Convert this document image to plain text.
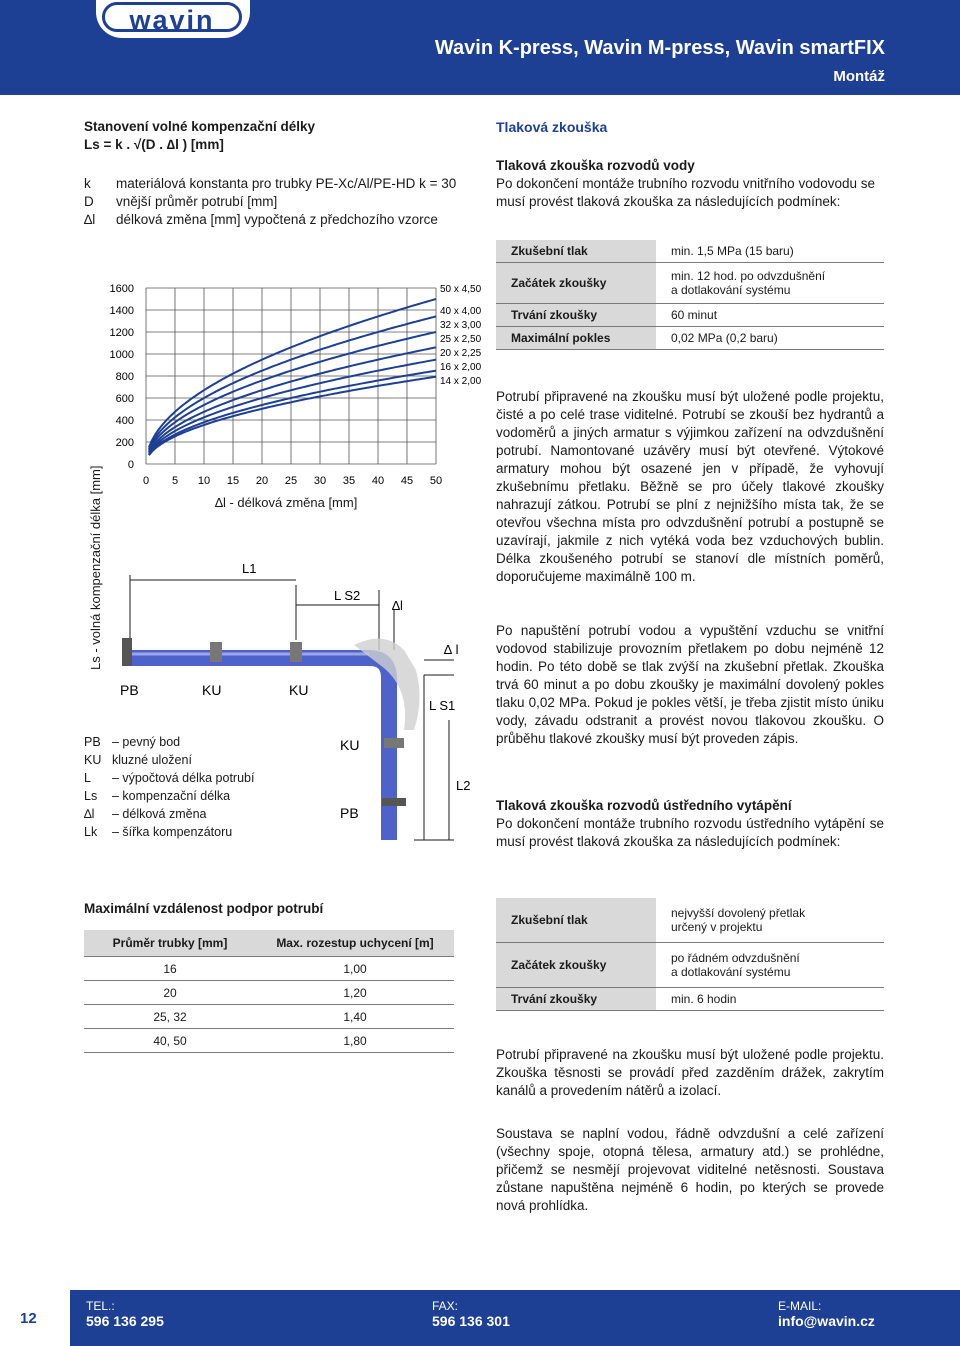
wavin
Wavin K-press, Wavin M-press, Wavin smartFIX
Montáž
Stanovení volné kompenzační délky
Ls = k . √(D . ∆l ) [mm]
k	materiálová konstanta pro trubky PE-Xc/Al/PE-HD k = 30
D	vnější průměr potrubí [mm]
∆l	délková změna [mm] vypočtená z předchozího vzorce
0 5 10 15 20 25 30 35 40 45 50
0
200
400
600
800
1000
1200
1400
1600	50 x 4,50
40 x 4,00
32 x 3,00
25 x 2,50
20 x 2,25
16 x 2,00
14 x 2,00
Ls - volná kompenzační délka [mm]	∆l - délková změna [mm]
L1
L S2
∆l
∆ l
L S1
L2
PB	KU	KU
KU
PB
PB – pevný bod
KU kluzné uložení
L – výpočtová délka potrubí
Ls – kompenzační délka
∆l – délková změna
Lk – šířka kompenzátoru
Maximální vzdálenost podpor potrubí
Průměr trubky [mm]	Max. rozestup uchycení [m]
16	1,00
20	1,20
25, 32	1,40
40, 50	1,80
Tlaková zkouška
Tlaková zkouška rozvodů vody
Po dokončení montáže trubního rozvodu vnitřního vodovodu se musí provést tlaková zkouška za následujících podmínek:
Zkušební tlak	min. 1,5 MPa (15 baru)
Začátek zkoušky	min. 12 hod. po odvzdušnění
a dotlakování systému

Trvání zkoušky	60 minut
Maximální pokles	0,02 MPa (0,2 baru)
Potrubí připravené na zkoušku musí být uložené podle projektu, čisté a po celé trase viditelné. Potrubí se zkouší bez hydrantů a vodoměrů a jiných armatur s výjimkou zařízení na odvzdušnění potrubí. Namontované uzávěry musí být otevřené. Výtokové armatury mohou být osazené jen v případě, že vyhovují zkušebnímu přetlaku. Běžně se pro účely tlakové zkoušky nahrazují zátkou. Potrubí se plní z nejnižšího místa tak, že se otevřou všechna místa pro odvzdušnění potrubí a postupně se uzavírají, jakmile z nich vytéká voda bez vzduchových bublin. Délka zkoušeného potrubí se stanoví dle místních poměrů, doporučujeme maximálně 100 m.
Po napuštění potrubí vodou a vypuštění vzduchu se vnitřní vodovod stabilizuje provozním přetlakem po dobu nejméně 12 hodin. Po této době se tlak zvýší na zkušební přetlak. Zkouška trvá 60 minut a po dobu zkoušky je maximální dovolený pokles tlaku 0,02 MPa. Pokud je pokles větší, je třeba zjistit místo úniku vody, závadu odstranit a provést novou tlakovou zkoušku. O průběhu tlakové zkoušky musí být proveden zápis.
Tlaková zkouška rozvodů ústředního vytápění
Po dokončení montáže trubního rozvodu ústředního vytápění se musí provést tlaková zkouška za následujících podmínek:
Zkušební tlak	nejvyšší dovolený přetlak
určený v projektu

Začátek zkoušky	po řádném odvzdušnění
a dotlakování systému

Trvání zkoušky	min. 6 hodin
Potrubí připravené na zkoušku musí být uložené podle projektu. Zkouška těsnosti se provádí před zazděním drážek, zakrytím kanálů a provedením nátěrů a izolací.
Soustava se naplní vodou, řádně odvzdušní a celé zařízení (všechny spoje, otopná tělesa, armatury atd.) se prohlédne, přičemž se nesmějí projevovat viditelné netěsnosti. Soustava zůstane napuštěna nejméně 6 hodin, po kterých se provede nová prohlídka.
12
TEL.:
596 136 295
FAX:
596 136 301
E-MAIL:
info@wavin.cz
